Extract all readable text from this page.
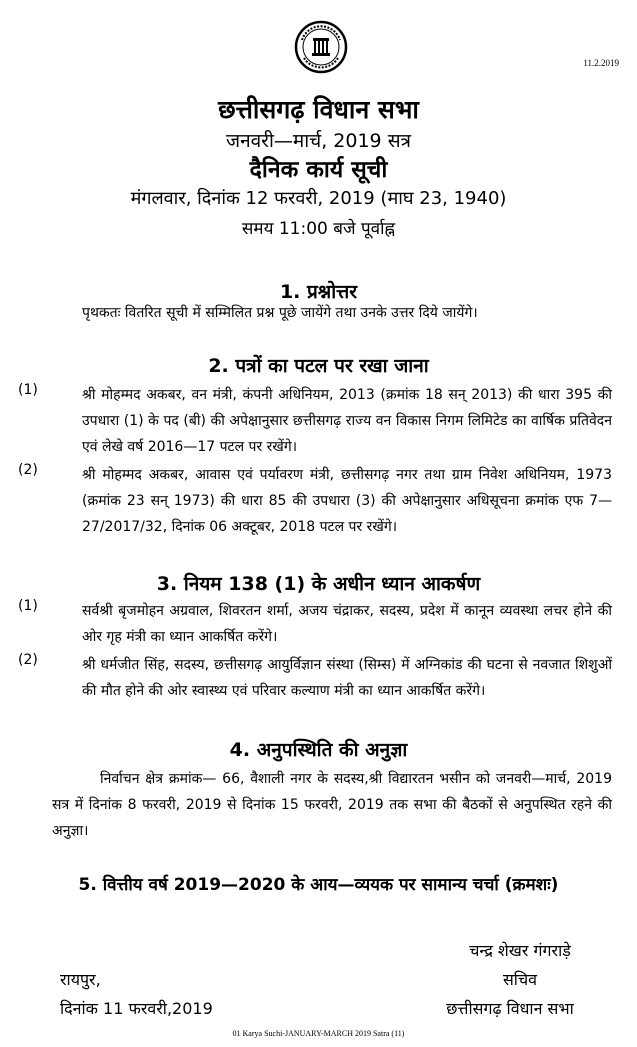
11.2.2019
छत्तीसगढ़ विधान सभा
जनवरी—मार्च, 2019 सत्र
दैनिक कार्य सूची
मंगलवार, दिनांक 12 फरवरी, 2019 (माघ 23, 1940)
समय 11:00 बजे पूर्वाह्न
1. प्रश्नोत्तर
पृथकतः वितरित सूची में सम्मिलित प्रश्न पूछे जायेंगे तथा उनके उत्तर दिये जायेंगे।
2. पत्रों का पटल पर रखा जाना
(1)	श्री मोहम्मद अकबर, वन मंत्री, कंपनी अधिनियम, 2013 (क्रमांक 18 सन् 2013) की धारा 395 की उपधारा (1) के पद (बी) की अपेक्षानुसार छत्तीसगढ़ राज्य वन विकास निगम लिमिटेड का वार्षिक प्रतिवेदन एवं लेखे वर्ष 2016—17 पटल पर रखेंगे।
(2)	श्री मोहम्मद अकबर, आवास एवं पर्यावरण मंत्री, छत्तीसगढ़ नगर तथा ग्राम निवेश अधिनियम, 1973 (क्रमांक 23 सन् 1973) की धारा 85 की उपधारा (3) की अपेक्षानुसार अधिसूचना क्रमांक एफ 7—27/2017/32, दिनांक 06 अक्टूबर, 2018 पटल पर रखेंगे।
3. नियम 138 (1) के अधीन ध्यान आकर्षण
(1)	सर्वश्री बृजमोहन अग्रवाल, शिवरतन शर्मा, अजय चंद्राकर, सदस्य, प्रदेश में कानून व्यवस्था लचर होने की ओर गृह मंत्री का ध्यान आकर्षित करेंगे।
(2)	श्री धर्मजीत सिंह, सदस्य, छत्तीसगढ़ आयुर्विज्ञान संस्था (सिम्स) में अग्निकांड की घटना से नवजात शिशुओं की मौत होने की ओर स्वास्थ्य एवं परिवार कल्याण मंत्री का ध्यान आकर्षित करेंगे।
4. अनुपस्थिति की अनुज्ञा
निर्वाचन क्षेत्र क्रमांक— 66, वैशाली नगर के सदस्य,श्री विद्यारतन भसीन को जनवरी—मार्च, 2019 सत्र में दिनांक 8 फरवरी, 2019 से दिनांक 15 फरवरी, 2019 तक सभा की बैठकों से अनुपस्थित रहने की अनुज्ञा।
5. वित्तीय वर्ष 2019—2020 के आय—व्ययक पर सामान्य चर्चा (क्रमशः)
चन्द्र शेखर गंगराड़े
सचिव
छत्तीसगढ़ विधान सभा
रायपुर,
दिनांक 11 फरवरी,2019
01 Karya Suchi-JANUARY-MARCH 2019 Satra (11)
